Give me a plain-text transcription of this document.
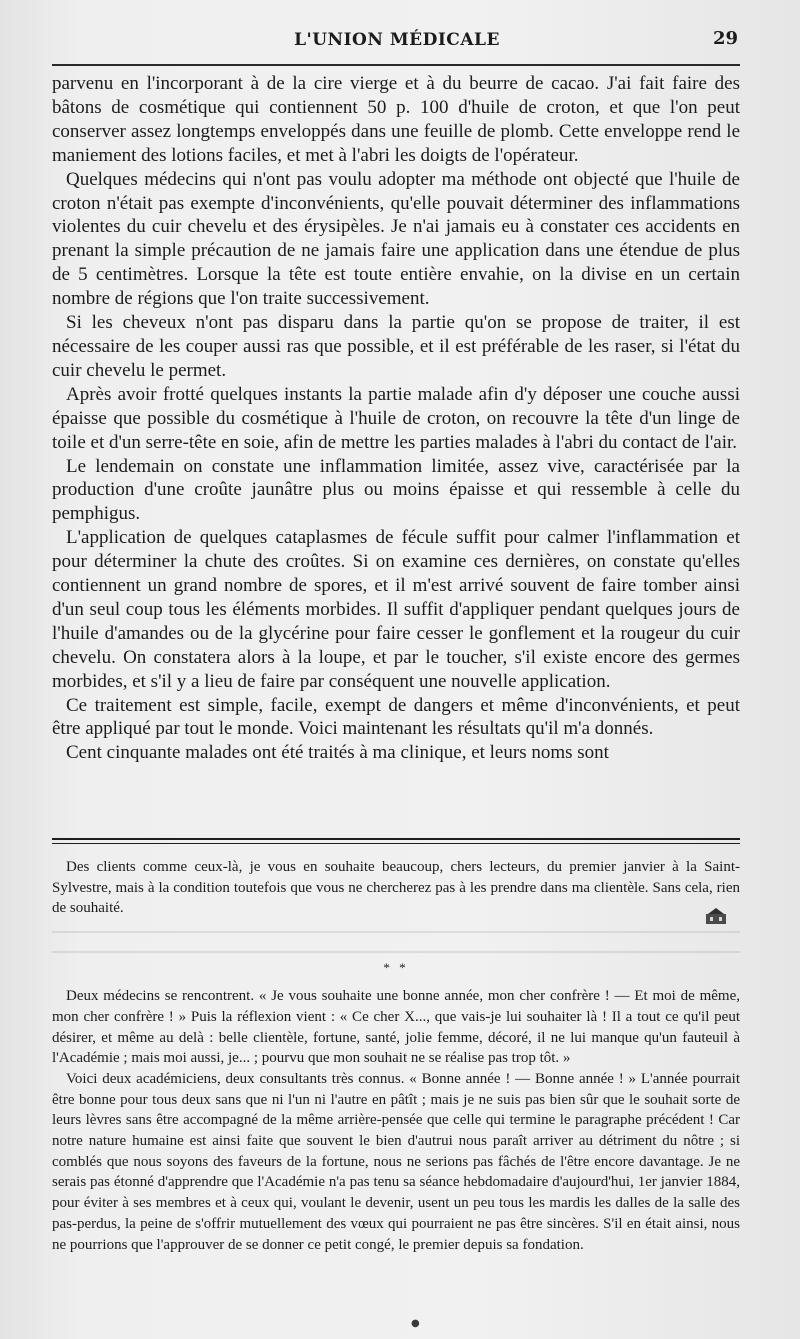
L'UNION MÉDICALE	29

parvenu en l'incorporant à de la cire vierge et à du beurre de cacao. J'ai fait faire des bâtons de cosmétique qui contiennent 50 p. 100 d'huile de croton, et que l'on peut conserver assez longtemps enveloppés dans une feuille de plomb. Cette enveloppe rend le maniement des lotions faciles, et met à l'abri les doigts de l'opérateur.

Quelques médecins qui n'ont pas voulu adopter ma méthode ont objecté que l'huile de croton n'était pas exempte d'inconvénients, qu'elle pouvait déterminer des inflammations violentes du cuir chevelu et des érysipèles. Je n'ai jamais eu à constater ces accidents en prenant la simple précaution de ne jamais faire une application dans une étendue de plus de 5 centimètres. Lorsque la tête est toute entière envahie, on la divise en un certain nombre de régions que l'on traite successivement.

Si les cheveux n'ont pas disparu dans la partie qu'on se propose de traiter, il est nécessaire de les couper aussi ras que possible, et il est préférable de les raser, si l'état du cuir chevelu le permet.

Après avoir frotté quelques instants la partie malade afin d'y déposer une couche aussi épaisse que possible du cosmétique à l'huile de croton, on recouvre la tête d'un linge de toile et d'un serre-tête en soie, afin de mettre les parties malades à l'abri du contact de l'air.

Le lendemain on constate une inflammation limitée, assez vive, caractérisée par la production d'une croûte jaunâtre plus ou moins épaisse et qui ressemble à celle du pemphigus.

L'application de quelques cataplasmes de fécule suffit pour calmer l'inflammation et pour déterminer la chute des croûtes. Si on examine ces dernières, on constate qu'elles contiennent un grand nombre de spores, et il m'est arrivé souvent de faire tomber ainsi d'un seul coup tous les éléments morbides. Il suffit d'appliquer pendant quelques jours de l'huile d'amandes ou de la glycérine pour faire cesser le gonflement et la rougeur du cuir chevelu. On constatera alors à la loupe, et par le toucher, s'il existe encore des germes morbides, et s'il y a lieu de faire par conséquent une nouvelle application.

Ce traitement est simple, facile, exempt de dangers et même d'inconvénients, et peut être appliqué par tout le monde. Voici maintenant les résultats qu'il m'a donnés.

Cent cinquante malades ont été traités à ma clinique, et leurs noms sont

Des clients comme ceux-là, je vous en souhaite beaucoup, chers lecteurs, du premier janvier à la Saint-Sylvestre, mais à la condition toutefois que vous ne chercherez pas à les prendre dans ma clientèle. Sans cela, rien de souhaité.

* *

Deux médecins se rencontrent. « Je vous souhaite une bonne année, mon cher confrère ! — Et moi de même, mon cher confrère ! » Puis la réflexion vient : « Ce cher X..., que vais-je lui souhaiter là ! Il a tout ce qu'il peut désirer, et même au delà : belle clientèle, fortune, santé, jolie femme, décoré, il ne lui manque qu'un fauteuil à l'Académie ; mais moi aussi, je... ; pourvu que mon souhait ne se réalise pas trop tôt. »

Voici deux académiciens, deux consultants très connus. « Bonne année ! — Bonne année ! » L'année pourrait être bonne pour tous deux sans que ni l'un ni l'autre en pâtît ; mais je ne suis pas bien sûr que le souhait sorte de leurs lèvres sans être accompagné de la même arrière-pensée que celle qui termine le paragraphe précédent ! Car notre nature humaine est ainsi faite que souvent le bien d'autrui nous paraît arriver au détriment du nôtre ; si comblés que nous soyons des faveurs de la fortune, nous ne serions pas fâchés de l'être encore davantage. Je ne serais pas étonné d'apprendre que l'Académie n'a pas tenu sa séance hebdomadaire d'aujourd'hui, 1er janvier 1884, pour éviter à ses membres et à ceux qui, voulant le devenir, usent un peu tous les mardis les dalles de la salle des pas-perdus, la peine de s'offrir mutuellement des vœux qui pourraient ne pas être sincères. S'il en était ainsi, nous ne pourrions que l'approuver de se donner ce petit congé, le premier depuis sa fondation.

●
